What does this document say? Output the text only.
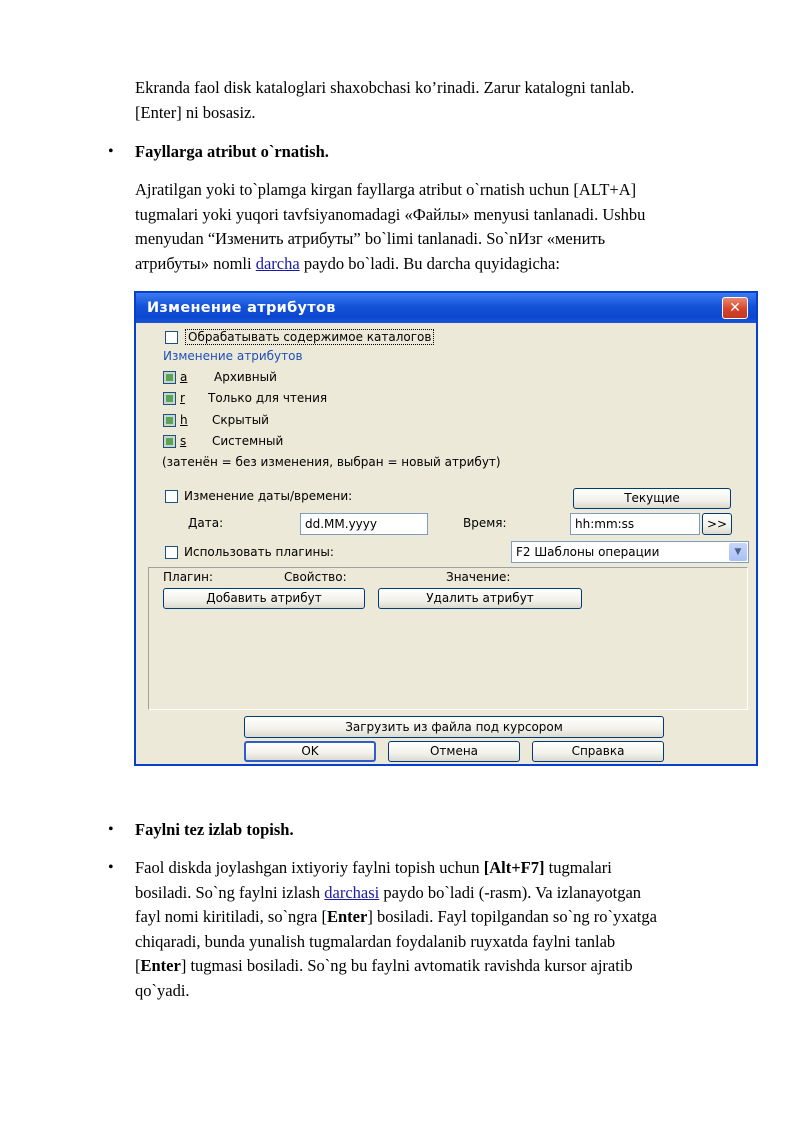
Ekranda faol disk kataloglari shaxobchasi ko’rinadi. Zarur katalogni tanlab.
[Enter] ni bosasiz.

• Fayllarga atribut o`rnatish.

Ajratilgan yoki to`plamga kirgan fayllarga atribut o`rnatish uchun [ALT+A]
tugmalari yoki yuqori tavfsiyanomadagi «Файлы» menyusi tanlanadi. Ushbu
menyudan “Изменить атрибуты” bo`limi tanlanadi. So`nИзг «менить
атрибуты» nomli darcha paydo bo`ladi. Bu darcha quyidagicha:

Изменение атрибутов	✕
Обрабатывать содержимое каталогов
Изменение атрибутов
a Архивный
r Только для чтения
h Скрытый
s Системный
(затенён = без изменения, выбран = новый атрибут)
Изменение даты/времени:	Текущие
Дата:	dd.MM.yyyy	Время:	hh:mm:ss	>>
Использовать плагины:	F2 Шаблоны операции	▼
Плагин:	Свойство:	Значение:
Добавить атрибут	Удалить атрибут
Загрузить из файла под курсором
OK	Отмена	Справка
• Faylni tez izlab topish.

• Faol diskda joylashgan ixtiyoriy faylni topish uchun [Alt+F7] tugmalari
bosiladi. So`ng faylni izlash darchasi paydo bo`ladi (-rasm). Va izlanayotgan
fayl nomi kiritiladi, so`ngra [Enter] bosiladi. Fayl topilgandan so`ng ro`yxatga
chiqaradi, bunda yunalish tugmalardan foydalanib ruyxatda faylni tanlab
[Enter] tugmasi bosiladi. So`ng bu faylni avtomatik ravishda kursor ajratib
qo`yadi.
